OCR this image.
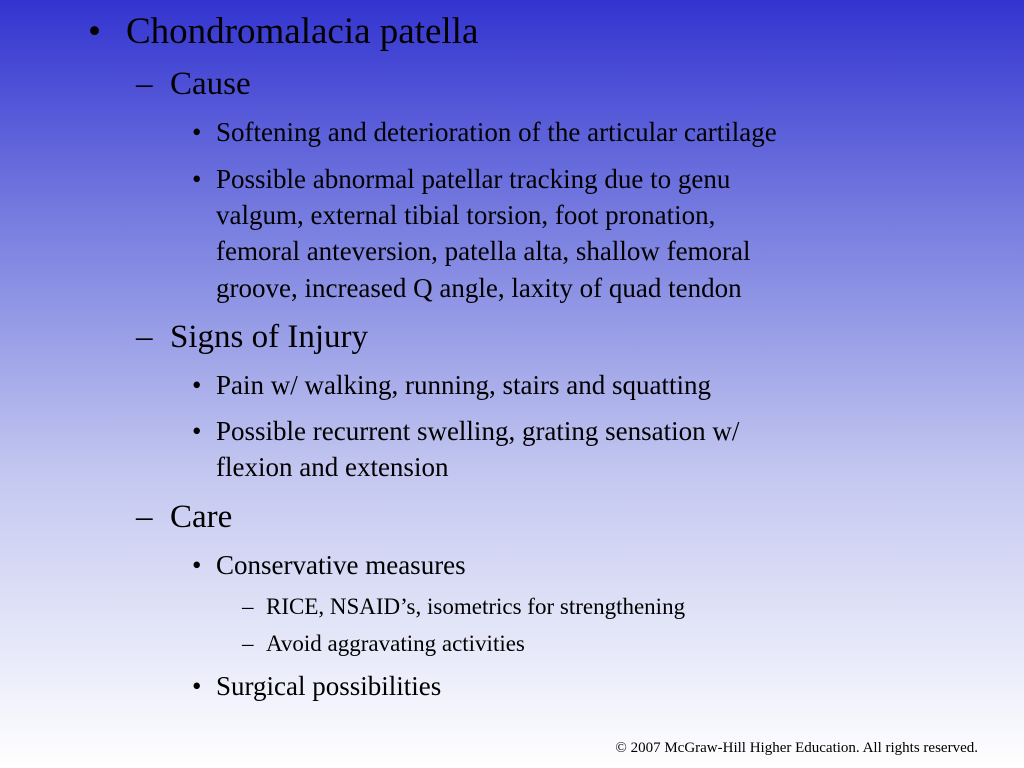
• Chondromalacia patella
– Cause
• Softening and deterioration of the articular cartilage
• Possible abnormal patellar tracking due to genu
valgum, external tibial torsion, foot pronation,
femoral anteversion, patella alta, shallow femoral
groove, increased Q angle, laxity of quad tendon
– Signs of Injury
• Pain w/ walking, running, stairs and squatting
• Possible recurrent swelling, grating sensation w/
flexion and extension
– Care
• Conservative measures
– RICE, NSAID’s, isometrics for strengthening
– Avoid aggravating activities
• Surgical possibilities
© 2007 McGraw-Hill Higher Education. All rights reserved.
